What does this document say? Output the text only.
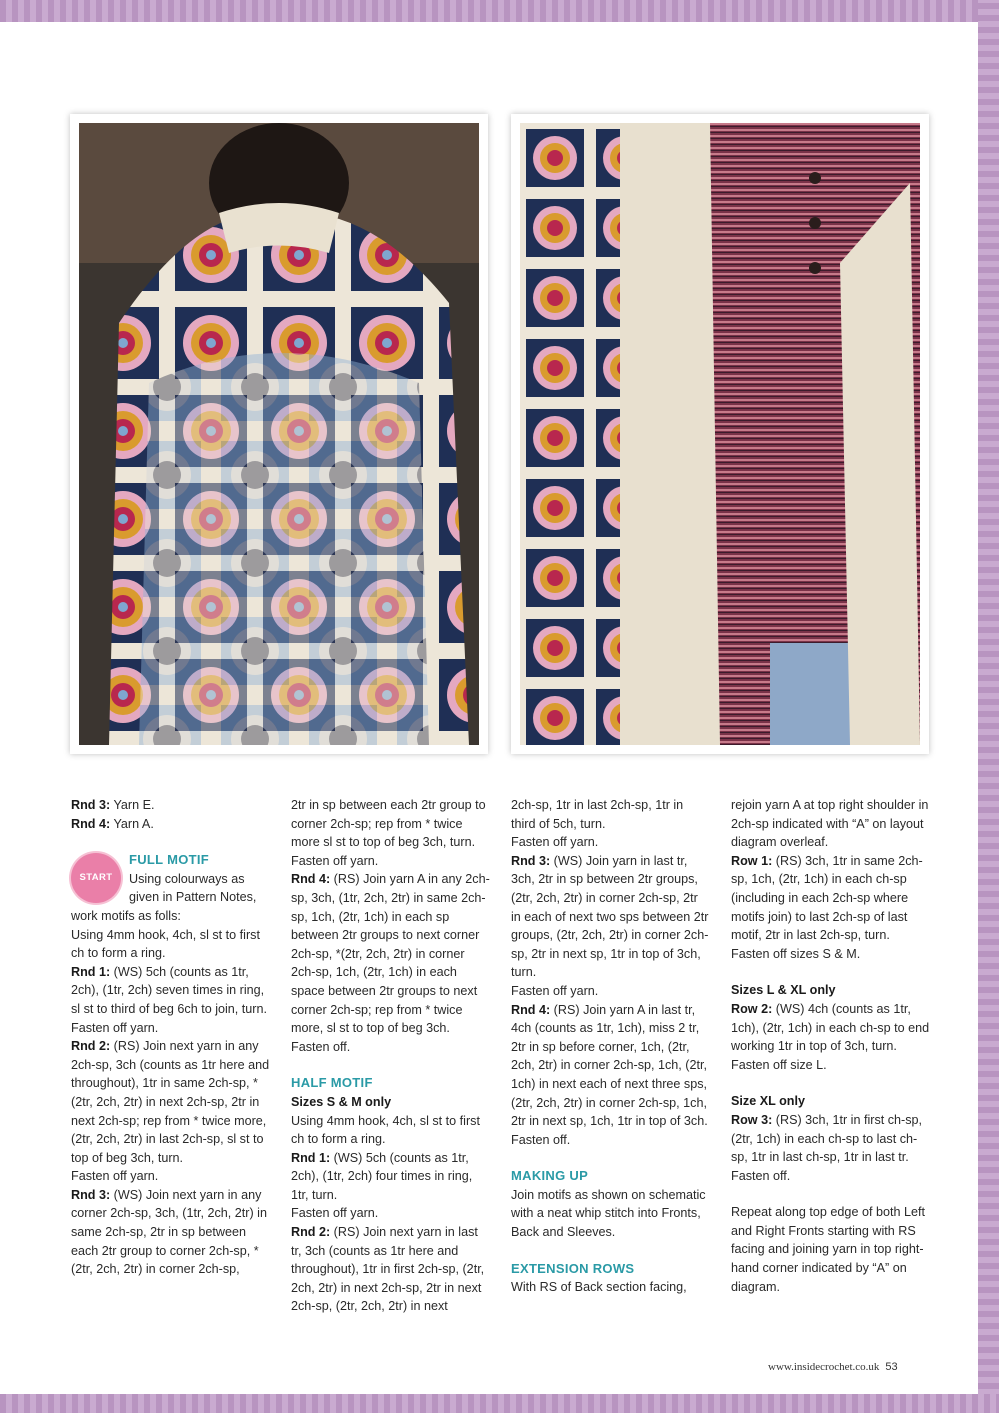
Rnd 3: Yarn E.

Rnd 4: Yarn A.

START

FULL MOTIF

Using colourways as

given in Pattern Notes,

work motifs as folls:

Using 4mm hook, 4ch, sl st to first ch to form a ring.

Rnd 1: (WS) 5ch (counts as 1tr, 2ch), (1tr, 2ch) seven times in ring, sl st to third of beg 6ch to join, turn.

Fasten off yarn.

Rnd 2: (RS) Join next yarn in any 2ch-sp, 3ch (counts as 1tr here and throughout), 1tr in same 2ch-sp, *(2tr, 2ch, 2tr) in next 2ch-sp, 2tr in next 2ch-sp; rep from * twice more, (2tr, 2ch, 2tr) in last 2ch-sp, sl st to top of beg 3ch, turn.

Fasten off yarn.

Rnd 3: (WS) Join next yarn in any corner 2ch-sp, 3ch, (1tr, 2ch, 2tr) in same 2ch-sp, 2tr in sp between each 2tr group to corner 2ch-sp, *(2tr, 2ch, 2tr) in corner 2ch-sp,

2tr in sp between each 2tr group to corner 2ch-sp; rep from * twice more sl st to top of beg 3ch, turn.

Fasten off yarn.

Rnd 4: (RS) Join yarn A in any 2ch-sp, 3ch, (1tr, 2ch, 2tr) in same 2ch-sp, 1ch, (2tr, 1ch) in each sp between 2tr groups to next corner 2ch-sp, *(2tr, 2ch, 2tr) in corner 2ch-sp, 1ch, (2tr, 1ch) in each space between 2tr groups to next corner 2ch-sp; rep from * twice more, sl st to top of beg 3ch. Fasten off.

HALF MOTIF

Sizes S & M only

Using 4mm hook, 4ch, sl st to first ch to form a ring.

Rnd 1: (WS) 5ch (counts as 1tr, 2ch), (1tr, 2ch) four times in ring, 1tr, turn.

Fasten off yarn.

Rnd 2: (RS) Join next yarn in last tr, 3ch (counts as 1tr here and throughout), 1tr in first 2ch-sp, (2tr, 2ch, 2tr) in next 2ch-sp, 2tr in next 2ch-sp, (2tr, 2ch, 2tr) in next

2ch-sp, 1tr in last 2ch-sp, 1tr in third of 5ch, turn.

Fasten off yarn.

Rnd 3: (WS) Join yarn in last tr, 3ch, 2tr in sp between 2tr groups, (2tr, 2ch, 2tr) in corner 2ch-sp, 2tr in each of next two sps between 2tr groups, (2tr, 2ch, 2tr) in corner 2ch-sp, 2tr in next sp, 1tr in top of 3ch, turn.

Fasten off yarn.

Rnd 4: (RS) Join yarn A in last tr, 4ch (counts as 1tr, 1ch), miss 2 tr, 2tr in sp before corner, 1ch, (2tr, 2ch, 2tr) in corner 2ch-sp, 1ch, (2tr, 1ch) in next each of next three sps, (2tr, 2ch, 2tr) in corner 2ch-sp, 1ch, 2tr in next sp, 1ch, 1tr in top of 3ch.

Fasten off.

MAKING UP

Join motifs as shown on schematic with a neat whip stitch into Fronts, Back and Sleeves.

EXTENSION ROWS

With RS of Back section facing,

rejoin yarn A at top right shoulder in 2ch-sp indicated with “A” on layout diagram overleaf.

Row 1: (RS) 3ch, 1tr in same 2ch-sp, 1ch, (2tr, 1ch) in each ch-sp (including in each 2ch-sp where motifs join) to last 2ch-sp of last motif, 2tr in last 2ch-sp, turn. Fasten off sizes S & M.

Sizes L & XL only

Row 2: (WS) 4ch (counts as 1tr, 1ch), (2tr, 1ch) in each ch-sp to end working 1tr in top of 3ch, turn.

Fasten off size L.

Size XL only

Row 3: (RS) 3ch, 1tr in first ch-sp, (2tr, 1ch) in each ch-sp to last ch-sp, 1tr in last ch-sp, 1tr in last tr. Fasten off.

Repeat along top edge of both Left and Right Fronts starting with RS facing and joining yarn in top right-hand corner indicated by “A” on diagram.

www.insidecrochet.co.uk 53
